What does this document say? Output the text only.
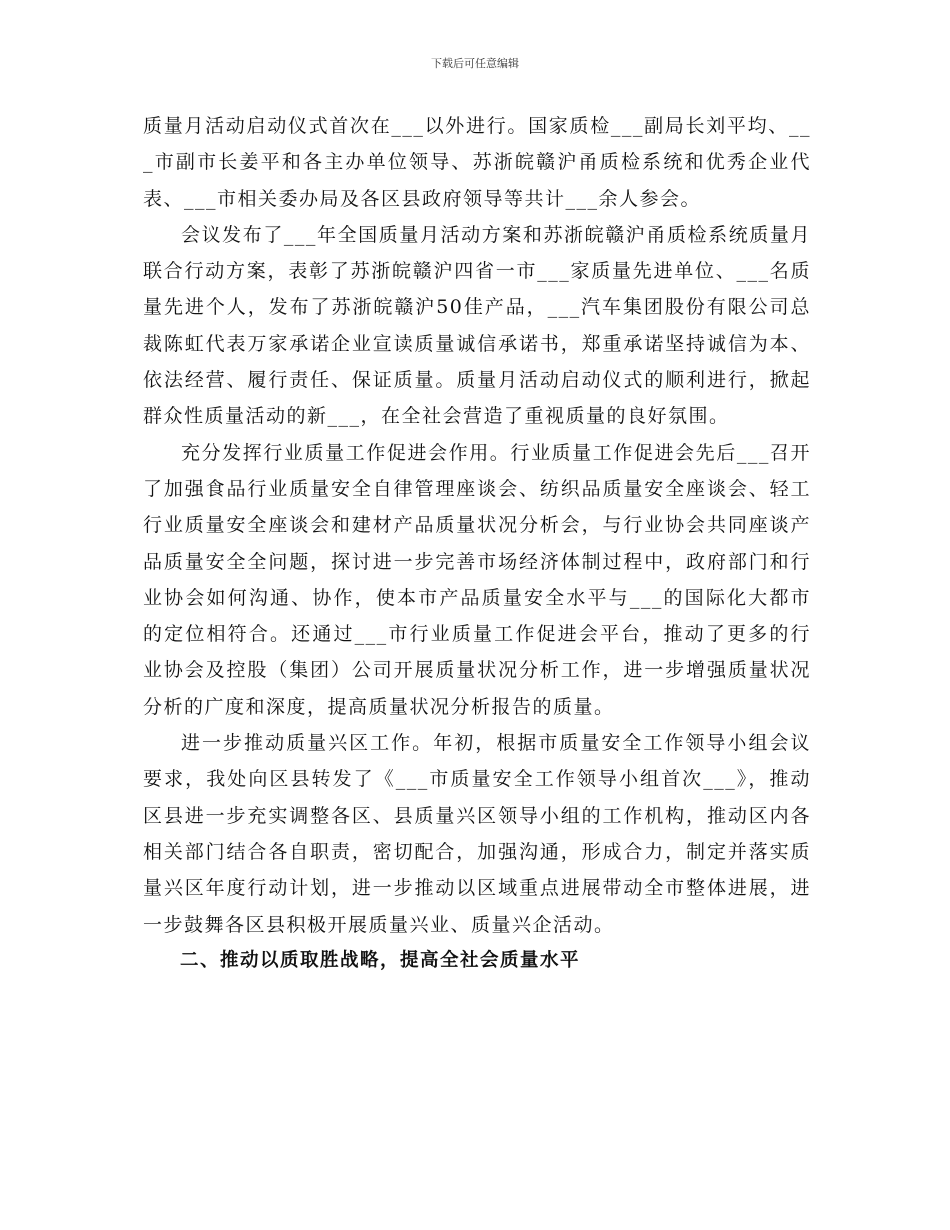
下载后可任意编辑

质量月活动启动仪式首次在___以外进行。国家质检___副局长刘平均、___市副市长姜平和各主办单位领导、苏浙皖赣沪甬质检系统和优秀企业代表、___市相关委办局及各区县政府领导等共计___余人参会。

会议发布了___年全国质量月活动方案和苏浙皖赣沪甬质检系统质量月联合行动方案，表彰了苏浙皖赣沪四省一市___家质量先进单位、___名质量先进个人，发布了苏浙皖赣沪50佳产品，___汽车集团股份有限公司总裁陈虹代表万家承诺企业宣读质量诚信承诺书，郑重承诺坚持诚信为本、依法经营、履行责任、保证质量。质量月活动启动仪式的顺利进行，掀起群众性质量活动的新___，在全社会营造了重视质量的良好氛围。

充分发挥行业质量工作促进会作用。行业质量工作促进会先后___召开了加强食品行业质量安全自律管理座谈会、纺织品质量安全座谈会、轻工行业质量安全座谈会和建材产品质量状况分析会，与行业协会共同座谈产品质量安全全问题，探讨进一步完善市场经济体制过程中，政府部门和行业协会如何沟通、协作，使本市产品质量安全水平与___的国际化大都市的定位相符合。还通过___市行业质量工作促进会平台，推动了更多的行业协会及控股（集团）公司开展质量状况分析工作，进一步增强质量状况分析的广度和深度，提高质量状况分析报告的质量。

进一步推动质量兴区工作。年初，根据市质量安全工作领导小组会议要求，我处向区县转发了《___市质量安全工作领导小组首次___》，推动区县进一步充实调整各区、县质量兴区领导小组的工作机构，推动区内各相关部门结合各自职责，密切配合，加强沟通，形成合力，制定并落实质量兴区年度行动计划，进一步推动以区域重点进展带动全市整体进展，进一步鼓舞各区县积极开展质量兴业、质量兴企活动。

二、推动以质取胜战略，提高全社会质量水平
